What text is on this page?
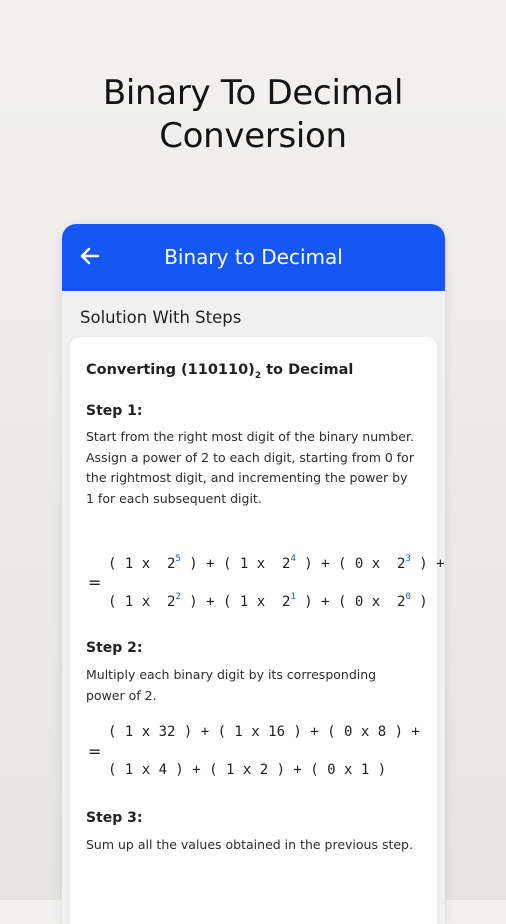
Binary To Decimal
Conversion
Binary to Decimal
Solution With Steps
Converting $(110110)_2$ to Decimal
Step 1:
Start from the right most digit of the binary number. Assign a power of 2 to each digit, starting from 0 for the rightmost digit, and incrementing the power by 1 for each subsequent digit.
=
( 1 x  $2^5$ ) + ( 1 x  $2^4$ ) + ( 0 x  $2^3$ ) +
( 1 x  $2^2$ ) + ( 1 x  $2^1$ ) + ( 0 x  $2^0$ )
Step 2:
Multiply each binary digit by its corresponding power of 2.
=
( 1 x 32 ) + ( 1 x 16 ) + ( 0 x 8 ) +
( 1 x 4 ) + ( 1 x 2 ) + ( 0 x 1 )
Step 3:
Sum up all the values obtained in the previous step.
